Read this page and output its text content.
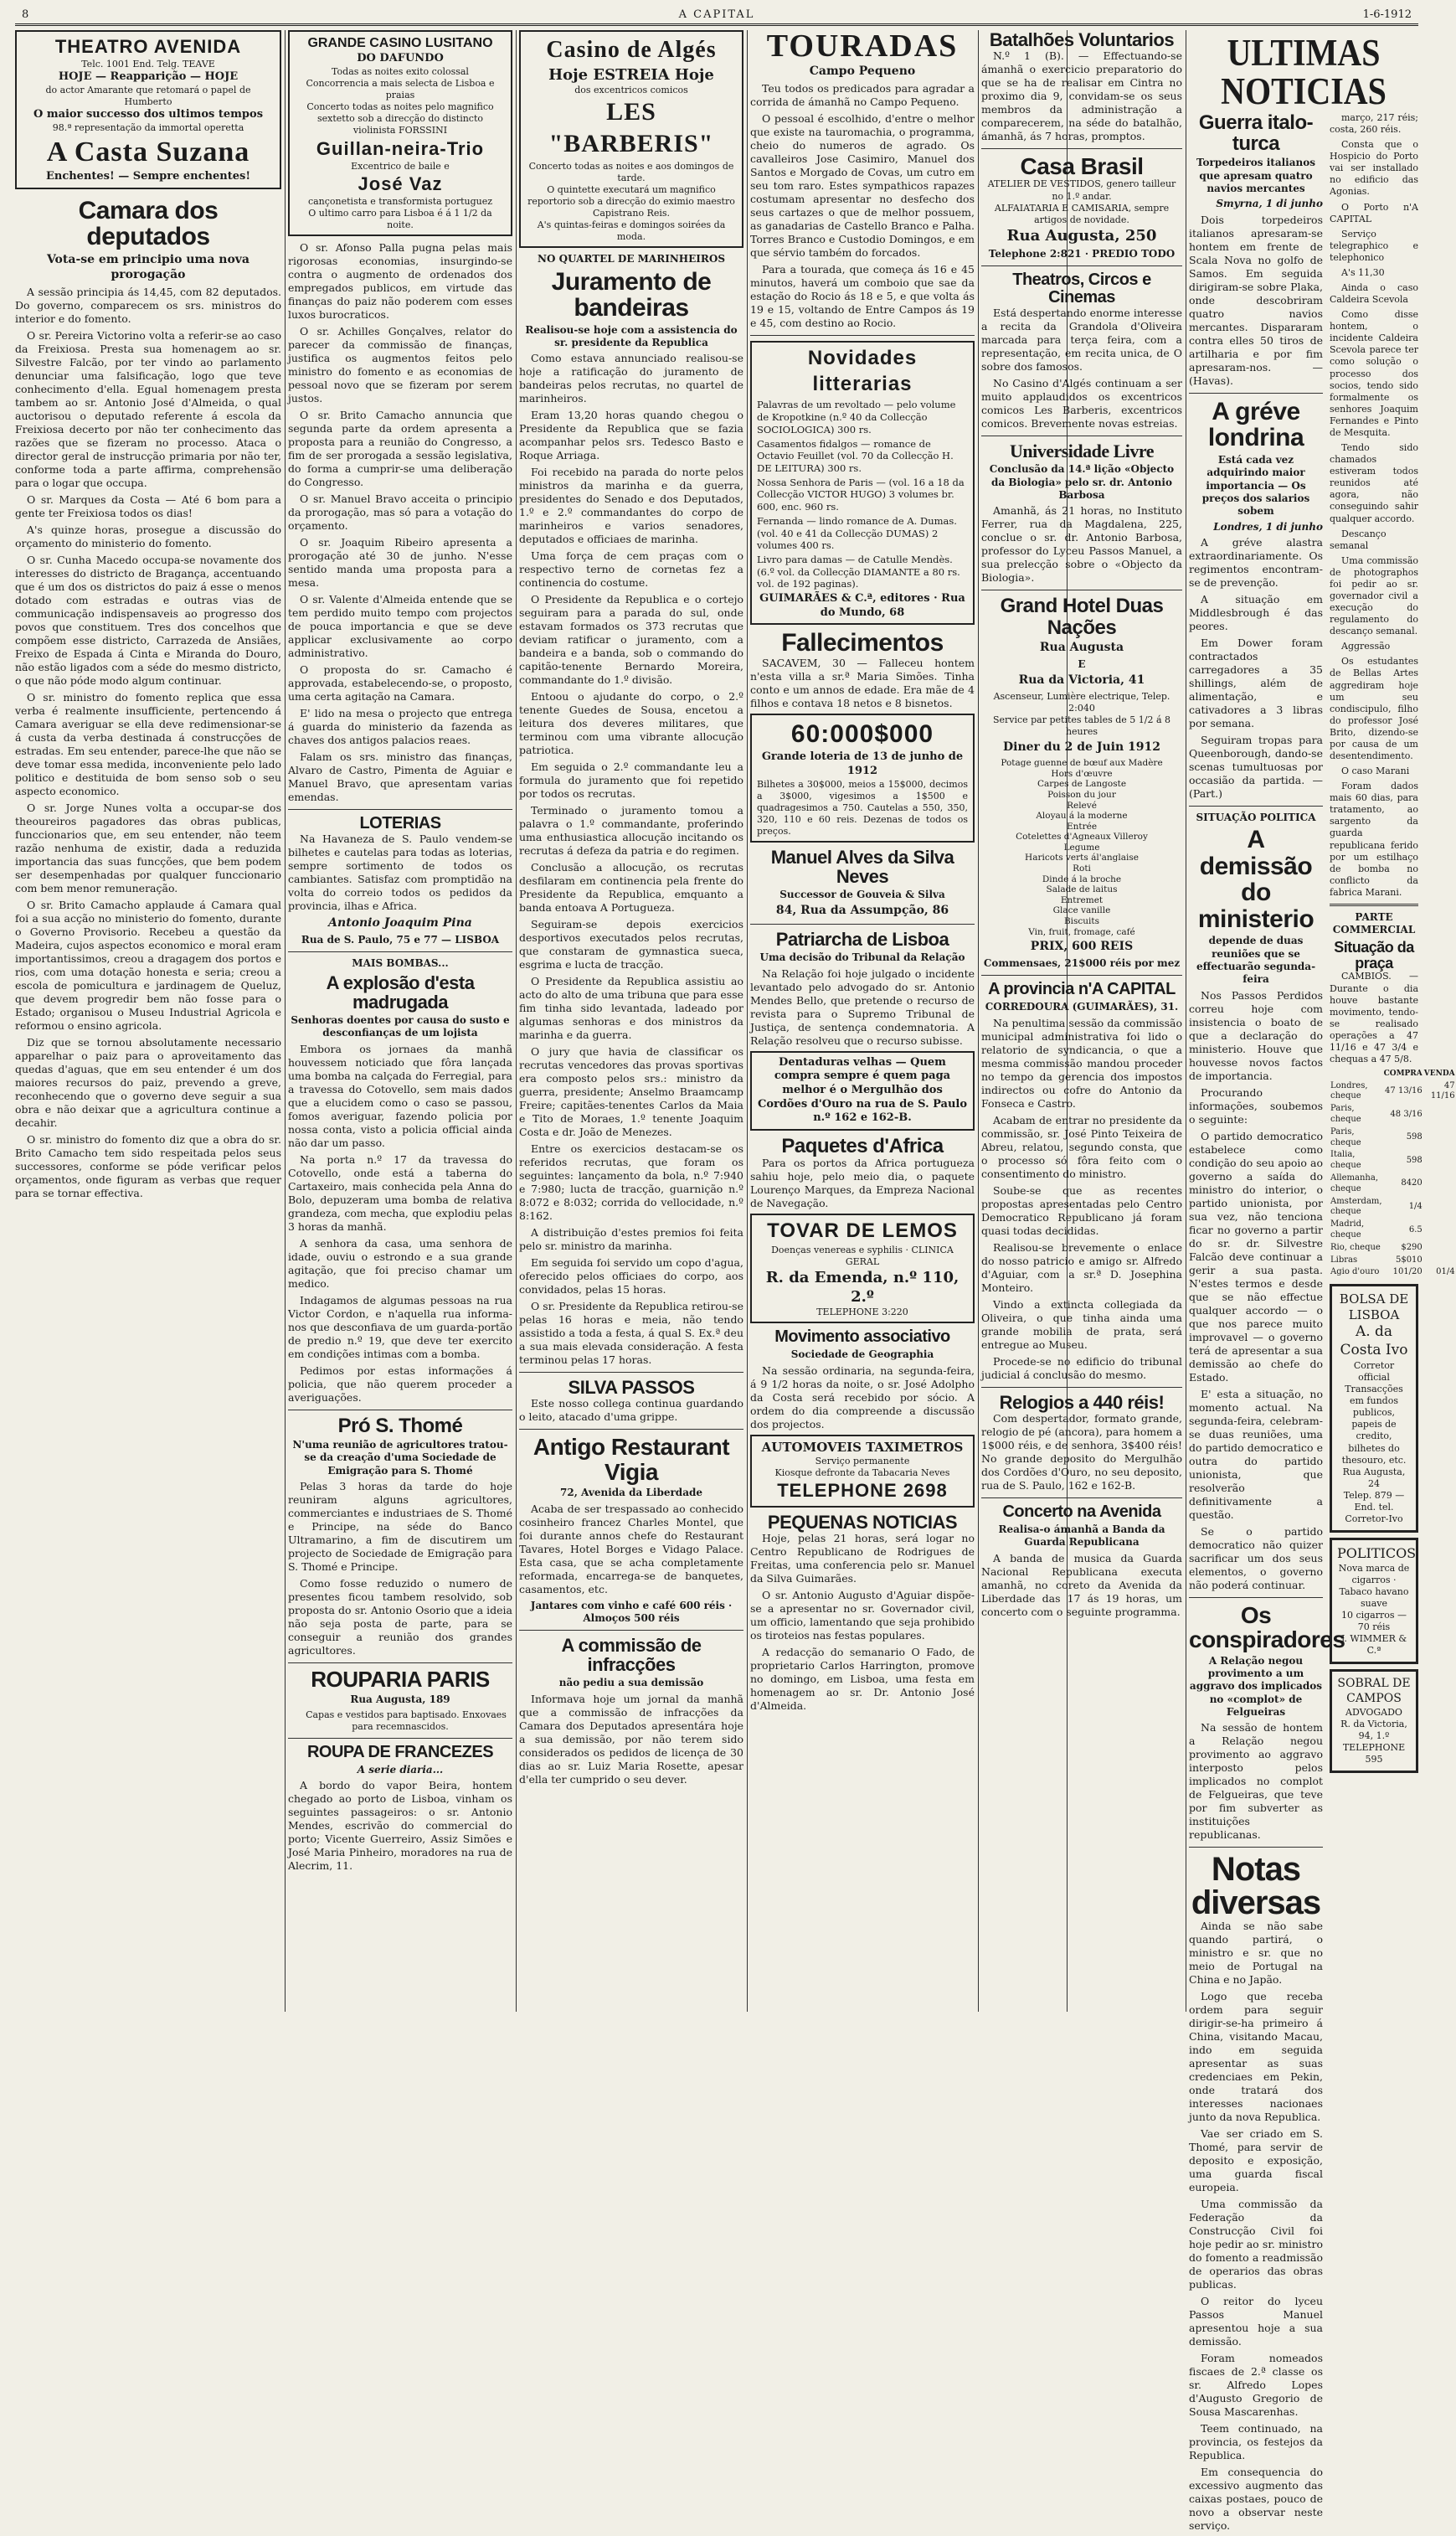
8	A CAPITAL	1-6-1912
THEATRO AVENIDA
Telc. 1001 End. Telg. TEAVE
HOJE — Reapparição — HOJE
do actor Amarante que retomará o papel de Humberto
O maior successo dos ultimos tempos
98.ª representação da immortal operetta
A Casta Suzana
Enchentes! — Sempre enchentes!
Camara dos deputados
Vota-se em principio uma nova prorogação

A sessão principia ás 14,45, com 82 deputados. Do governo, comparecem os srs. ministros do interior e do fomento.

O sr. Pereira Victorino volta a referir-se ao caso da Freixiosa. Presta sua homenagem ao sr. Silvestre Falcão, por ter vindo ao parlamento denunciar uma falsificação, logo que teve conhecimento d'ella. Egual homenagem presta tambem ao sr. Antonio José d'Almeida, o qual auctorisou o deputado referente á escola da Freixiosa decerto por não ter conhecimento das razões que se fizeram no processo. Ataca o director geral de instrucção primaria por não ter, conforme toda a parte affirma, comprehensão para o logar que occupa.

O sr. Marques da Costa — Até 6 bom para a gente ter Freixiosa todos os dias!

A's quinze horas, prosegue a discussão do orçamento do ministerio do fomento.

O sr. Cunha Macedo occupa-se novamente dos interesses do districto de Bragança, accentuando que é um dos os districtos do paiz á esse o menos dotado com estradas e outras vias de communicação indispensaveis ao progresso dos povos que constituem. Tres dos concelhos que compõem esse districto, Carrazeda de Ansiães, Freixo de Espada á Cinta e Miranda do Douro, não estão ligados com a séde do mesmo districto, o que não póde modo algum continuar.

O sr. ministro do fomento replica que essa verba é realmente insufficiente, pertencendo á Camara averiguar se ella deve redimensionar-se á custa da verba destinada á construcções de estradas. Em seu entender, parece-lhe que não se deve tomar essa medida, inconveniente pelo lado politico e destituida de bom senso sob o seu aspecto economico.

O sr. Jorge Nunes volta a occupar-se dos theoureiros pagadores das obras publicas, funccionarios que, em seu entender, não teem razão nenhuma de existir, dada a reduzida importancia das suas funcções, que bem podem ser desempenhadas por qualquer funccionario com bem menor remuneração.

O sr. Brito Camacho applaude á Camara qual foi a sua acção no ministerio do fomento, durante o Governo Provisorio. Recebeu a questão da Madeira, cujos aspectos economico e moral eram importantissimos, creou a dragagem dos portos e rios, com uma dotação honesta e seria; creou a escola de pomicultura e jardinagem de Queluz, que devem progredir bem não fosse para o Estado; organisou o Museu Industrial Agricola e reformou o ensino agricola.

Diz que se tornou absolutamente necessario apparelhar o paiz para o aproveitamento das quedas d'aguas, que em seu entender é um dos maiores recursos do paiz, prevendo a greve, reconhecendo que o governo deve seguir a sua obra e não deixar que a agricultura continue a decahir.

O sr. ministro do fomento diz que a obra do sr. Brito Camacho tem sido respeitada pelos seus successores, conforme se póde verificar pelos orçamentos, onde figuram as verbas que requer para se tornar effectiva.

GRANDE CASINO LUSITANO
DO DAFUNDO
Todas as noites exito colossal
Concorrencia a mais selecta de Lisboa e praias
Concerto todas as noites pelo magnifico sextetto sob a direcção do distincto violinista FORSSINI
Guillan-neira-Trio
Excentrico de baile e
José Vaz
cançonetista e transformista portuguez
O ultimo carro para Lisboa é á 1 1/2 da noite.

O sr. Afonso Palla pugna pelas mais rigorosas economias, insurgindo-se contra o augmento de ordenados dos empregados publicos, em virtude das finanças do paiz não poderem com esses luxos burocraticos.

O sr. Achilles Gonçalves, relator do parecer da commissão de finanças, justifica os augmentos feitos pelo ministro do fomento e as economias de pessoal novo que se fizeram por serem justos.

O sr. Brito Camacho annuncia que segunda parte da ordem apresenta a proposta para a reunião do Congresso, a fim de ser prorogada a sessão legislativa, do forma a cumprir-se uma deliberação do Congresso.

O sr. Manuel Bravo acceita o principio da prorogação, mas só para a votação do orçamento.

O sr. Joaquim Ribeiro apresenta a prorogação até 30 de junho. N'esse sentido manda uma proposta para a mesa.

O sr. Valente d'Almeida entende que se tem perdido muito tempo com projectos de pouca importancia e que se deve applicar exclusivamente ao corpo administrativo.

O proposta do sr. Camacho é approvada, estabelecendo-se, o proposto, uma certa agitação na Camara.

E' lido na mesa o projecto que entrega á guarda do ministerio da fazenda as chaves dos antigos palacios reaes.

Falam os srs. ministro das finanças, Alvaro de Castro, Pimenta de Aguiar e Manuel Bravo, que apresentam varias emendas.

LOTERIAS

Na Havaneza de S. Paulo vendem-se bilhetes e cautelas para todas as loterias, sempre sortimento de todos os cambiantes. Satisfaz com promptidão na volta do correio todos os pedidos da provincia, ilhas e Africa.

Antonio Joaquim Pina
Rua de S. Paulo, 75 e 77 — LISBOA
MAIS BOMBAS...
A explosão d'esta madrugada
Senhoras doentes por causa do susto e desconfianças de um lojista

Embora os jornaes da manhã houvessem noticiado que fôra lançada uma bomba na calçada do Ferregial, para a travessa do Cotovello, sem mais dados que a elucidem como o caso se passou, fomos averiguar, fazendo policia por nossa conta, visto a policia official ainda não dar um passo.

Na porta n.º 17 da travessa do Cotovello, onde está a taberna do Cartaxeiro, mais conhecida pela Anna do Bolo, depuzeram uma bomba de relativa grandeza, com mecha, que explodiu pelas 3 horas da manhã.

A senhora da casa, uma senhora de idade, ouviu o estrondo e a sua grande agitação, que foi preciso chamar um medico.

Indagamos de algumas pessoas na rua Victor Cordon, e n'aquella rua informa-nos que desconfiava de um guarda-portão de predio n.º 19, que deve ter exercito em condições intimas com a bomba.

Pedimos por estas informações á policia, que não querem proceder a averiguações.

Pró S. Thomé
N'uma reunião de agricultores tratou-se da creação d'uma Sociedade de Emigração para S. Thomé

Pelas 3 horas da tarde do hoje reuniram alguns agricultores, commerciantes e industriaes de S. Thomé e Principe, na séde do Banco Ultramarino, a fim de discutirem um projecto de Sociedade de Emigração para S. Thomé e Principe.

Como fosse reduzido o numero de presentes ficou tambem resolvido, sob proposta do sr. Antonio Osorio que a ideia não seja posta de parte, para se conseguir a reunião dos grandes agricultores.

ROUPARIA PARIS
Rua Augusta, 189

Capas e vestidos para baptisado. Enxovaes para recemnascidos.

ROUPA DE FRANCEZES
A serie diaria...

A bordo do vapor Beira, hontem chegado ao porto de Lisboa, vinham os seguintes passageiros: o sr. Antonio Mendes, escrivão do commercial do porto; Vicente Guerreiro, Assiz Simões e José Maria Pinheiro, moradores na rua de Alecrim, 11.

Casino de Algés
Hoje ESTREIA Hoje
dos excentricos comicos
LES "BARBERIS"
Concerto todas as noites e aos domingos de tarde.
O quintette executará um magnifico reportorio sob a direcção do eximio maestro Capistrano Reis.
A's quintas-feiras e domingos soirées da moda.
NO QUARTEL DE MARINHEIROS
Juramento de bandeiras
Realisou-se hoje com a assistencia do sr. presidente da Republica

Como estava annunciado realisou-se hoje a ratificação do juramento de bandeiras pelos recrutas, no quartel de marinheiros.

Eram 13,20 horas quando chegou o Presidente da Republica que se fazia acompanhar pelos srs. Tedesco Basto e Roque Arriaga.

Foi recebido na parada do norte pelos ministros da marinha e da guerra, presidentes do Senado e dos Deputados, 1.º e 2.º commandantes do corpo de marinheiros e varios senadores, deputados e officiaes de marinha.

Uma força de cem praças com o respectivo terno de cornetas fez a continencia do costume.

O Presidente da Republica e o cortejo seguiram para a parada do sul, onde estavam formados os 373 recrutas que deviam ratificar o juramento, com a bandeira e a banda, sob o commando do capitão-tenente Bernardo Moreira, commandante do 1.º divisão.

Entoou o ajudante do corpo, o 2.º tenente Guedes de Sousa, encetou a leitura dos deveres militares, que terminou com uma vibrante allocução patriotica.

Em seguida o 2.º commandante leu a formula do juramento que foi repetido por todos os recrutas.

Terminado o juramento tomou a palavra o 1.º commandante, proferindo uma enthusiastica allocução incitando os recrutas á defeza da patria e do regimen.

Conclusão a allocução, os recrutas desfilaram em continencia pela frente do Presidente da Republica, emquanto a banda entoava A Portugueza.

Seguiram-se depois exercicios desportivos executados pelos recrutas, que constaram de gymnastica sueca, esgrima e lucta de tracção.

O Presidente da Republica assistiu ao acto do alto de uma tribuna que para esse fim tinha sido levantada, ladeado por algumas senhoras e dos ministros da marinha e da guerra.

O jury que havia de classificar os recrutas vencedores das provas sportivas era composto pelos srs.: ministro da guerra, presidente; Anselmo Braamcamp Freire; capitães-tenentes Carlos da Maia e Tito de Moraes, 1.º tenente Joaquim Costa e dr. João de Menezes.

Entre os exercicios destacam-se os referidos recrutas, que foram os seguintes: lançamento da bola, n.º 7:940 e 7:980; lucta de tracção, guarnição n.º 8:072 e 8:032; corrida do vellocidade, n.º 8:162.

A distribuição d'estes premios foi feita pelo sr. ministro da marinha.

Em seguida foi servido um copo d'agua, oferecido pelos officiaes do corpo, aos convidados, pelas 15 horas.

O sr. Presidente da Republica retirou-se pelas 16 horas e meia, não tendo assistido a toda a festa, á qual S. Ex.ª deu a sua mais elevada consideração. A festa terminou pelas 17 horas.

SILVA PASSOS

Este nosso collega continua guardando o leito, atacado d'uma grippe.

Antigo Restaurant Vigia
72, Avenida da Liberdade

Acaba de ser trespassado ao conhecido cosinheiro francez Charles Montel, que foi durante annos chefe do Restaurant Tavares, Hotel Borges e Vidago Palace. Esta casa, que se acha completamente reformada, encarrega-se de banquetes, casamentos, etc.

Jantares com vinho e café 600 réis · Almoços 500 réis
A commissão de infracções
não pediu a sua demissão

Informava hoje um jornal da manhã que a commissão de infracções da Camara dos Deputados apresentára hoje a sua demissão, por não terem sido considerados os pedidos de licença de 30 dias ao sr. Luiz Maria Rosette, apesar d'ella ter cumprido o seu dever.

TOURADAS
Campo Pequeno

Teu todos os predicados para agradar a corrida de ámanhã no Campo Pequeno.

O pessoal é escolhido, d'entre o melhor que existe na tauromachia, o programma, cheio do numeros de agrado. Os cavalleiros Jose Casimiro, Manuel dos Santos e Morgado de Covas, um cutro em seu tom raro. Estes sympathicos rapazes costumam apresentar no desfecho dos seus cartazes o que de melhor possuem, as ganadarias de Castello Branco e Palha. Torres Branco e Custodio Domingos, e em que sérvio também do forcados.

Para a tourada, que começa ás 16 e 45 minutos, haverá um comboio que sae da estação do Rocio ás 18 e 5, e que volta ás 19 e 15, voltando de Entre Campos ás 19 e 45, com destino ao Rocio.

Novidades litterarias
Palavras de um revoltado — pelo volume de Kropotkine (n.º 40 da Collecção SOCIOLOGICA) 300 rs.
Casamentos fidalgos — romance de Octavio Feuillet (vol. 70 da Collecção H. DE LEITURA) 300 rs.
Nossa Senhora de Paris — (vol. 16 a 18 da Collecção VICTOR HUGO) 3 volumes br. 600, enc. 960 rs.
Fernanda — lindo romance de A. Dumas. (vol. 40 e 41 da Collecção DUMAS) 2 volumes 400 rs.
Livro para damas — de Catulle Mendès. (6.º vol. da Collecção DIAMANTE a 80 rs. vol. de 192 paginas).
GUIMARÃES & C.ª, editores · Rua do Mundo, 68
Fallecimentos

SACAVEM, 30 — Falleceu hontem n'esta villa a sr.ª Maria Simões. Tinha conto e um annos de edade. Era mãe de 4 filhos e contava 18 netos e 8 bisnetos.

60:000$000
Grande loteria de 13 de junho de 1912
Bilhetes a 30$000, meios a 15$000, decimos a 3$000, vigesimos a 1$500 e quadragesimos a 750. Cautelas a 550, 350, 320, 110 e 60 reis. Dezenas de todos os preços.
Manuel Alves da Silva Neves
Successor de Gouveia & Silva
84, Rua da Assumpção, 86
Patriarcha de Lisboa
Uma decisão do Tribunal da Relação

Na Relação foi hoje julgado o incidente levantado pelo advogado do sr. Antonio Mendes Bello, que pretende o recurso de revista para o Supremo Tribunal de Justiça, de sentença condemnatoria. A Relação resolveu que o recurso subisse.

Dentaduras velhas — Quem compra sempre é quem paga melhor é o Mergulhão dos Cordões d'Ouro na rua de S. Paulo n.º 162 e 162-B.
Paquetes d'Africa

Para os portos da Africa portugueza sahiu hoje, pelo meio dia, o paquete Lourenço Marques, da Empreza Nacional de Navegação.

TOVAR DE LEMOS
Doenças venereas e syphilis · CLINICA GERAL
R. da Emenda, n.º 110, 2.º
TELEPHONE 3:220
Movimento associativo
Sociedade de Geographia

Na sessão ordinaria, na segunda-feira, á 9 1/2 horas da noite, o sr. José Adolpho da Costa será recebido por sócio. A ordem do dia compreende a discussão dos projectos.

AUTOMOVEIS TAXIMETROS
Serviço permanente
Kiosque defronte da Tabacaria Neves
TELEPHONE 2698
PEQUENAS NOTICIAS

Hoje, pelas 21 horas, será logar no Centro Republicano de Rodrigues de Freitas, uma conferencia pelo sr. Manuel da Silva Guimarães.

O sr. Antonio Augusto d'Aguiar dispõe-se a apresentar no sr. Governador civil, um officio, lamentando que seja prohibido os tiroteios nas festas populares.

A redacção do semanario O Fado, de proprietario Carlos Harrington, promove no domingo, em Lisboa, uma festa em homenagem ao sr. Dr. Antonio José d'Almeida.

ULTIMAS NOTICIAS
Guerra italo-turca
Torpedeiros italianos que apresam quatro navios mercantes
Smyrna, 1 di junho

Dois torpedeiros italianos apresaram-se hontem em frente de Scala Nova no golfo de Samos. Em seguida dirigiram-se sobre Plaka, onde descobriram quatro navios mercantes. Dispararam contra elles 50 tiros de artilharia e por fim apresaram-nos. — (Havas).

A gréve londrina
Está cada vez adquirindo maior importancia — Os preços dos salarios sobem
Londres, 1 di junho

A gréve alastra extraordinariamente. Os regimentos encontram-se de prevenção.

A situação em Middlesbrough é das peores.

Em Dower foram contractados carregadores a 35 shillings, além de alimentação, e cativadores a 3 libras por semana.

Seguiram tropas para Queenborough, dando-se scenas tumultuosas por occasião da partida. — (Part.)

SITUAÇÃO POLITICA
A demissão do ministerio
depende de duas reuniões que se effectuarão segunda-feira

Nos Passos Perdidos correu hoje com insistencia o boato de que a declaração do ministerio. Houve que houvesse novos factos de importancia.

Procurando informações, soubemos o seguinte:

O partido democratico estabelece como condição do seu apoio ao governo a saída do ministro do interior, o partido unionista, por sua vez, não tenciona ficar no governo a partir do sr. dr. Silvestre Falcão deve continuar a gerir a sua pasta. N'estes termos e desde que se não effectue qualquer accordo — o que nos parece muito improvavel — o governo terá de apresentar a sua demissão ao chefe do Estado.

E' esta a situação, no momento actual. Na segunda-feira, celebram-se duas reuniões, uma do partido democratico e outra do partido unionista, que resolverão definitivamente a questão.

Se o partido democratico não quizer sacrificar um dos seus elementos, o governo não poderá continuar.

Os conspiradores
A Relação negou provimento a um aggravo dos implicados no «complot» de Felgueiras

Na sessão de hontem a Relação negou provimento ao aggravo interposto pelos implicados no complot de Felgueiras, que teve por fim subverter as instituições republicanas.

Notas diversas

Ainda se não sabe quando partirá, o ministro e sr. que no meio de Portugal na China e no Japão.

Logo que receba ordem para seguir dirigir-se-ha primeiro á China, visitando Macau, indo em seguida apresentar as suas credenciaes em Pekin, onde tratará dos interesses nacionaes junto da nova Republica.

Vae ser criado em S. Thomé, para servir de deposito e exposição, uma guarda fiscal europeia.

Uma commissão da Federação da Construcção Civil foi hoje pedir ao sr. ministro do fomento a readmissão de operarios das obras publicas.

O reitor do lyceu Passos Manuel apresentou hoje a sua demissão.

Foram nomeados fiscaes de 2.ª classe os sr. Alfredo Lopes d'Augusto Gregorio de Sousa Mascarenhas.

Teem continuado, na provincia, os festejos da Republica.

Em consequencia do excessivo augmento das caixas postaes, pouco de novo a observar neste serviço.

março, 217 réis; costa, 260 réis.

Consta que o Hospicio do Porto vai ser installado no edificio das Agonias.

O Porto n'A CAPITAL

Serviço telegraphico e telephonico

A's 11,30

Ainda o caso Caldeira Scevola

Como disse hontem, o incidente Caldeira Scevola parece ter como solução o processo dos socios, tendo sido formalmente os senhores Joaquim Fernandes e Pinto de Mesquita.

Tendo sido chamados estiveram todos reunidos até agora, não conseguindo sahir qualquer accordo.

Descanço semanal

Uma commissão de photographos foi pedir ao sr. governador civil a execução do regulamento do descanço semanal.

Aggressão

Os estudantes de Bellas Artes aggrediram hoje um seu condiscipulo, filho do professor José Brito, dizendo-se por causa de um desentendimento.

O caso Marani

Foram dados mais 60 dias, para tratamento, ao sargento da guarda republicana ferido por um estilhaço de bomba no conflicto da fabrica Marani.

PARTE COMMERCIAL
Situação da praça

CAMBIOS. — Durante o dia houve bastante movimento, tendo-se realisado operações a 47 11/16 e 47 3/4 e chequas a 47 5/8.

	COMPRA	VENDA
Londres, cheque	47 13/16	47 11/16
Paris, cheque	48 3/16	
Paris, cheque	598	
Italia, cheque	598	
Allemanha, cheque	8420	
Amsterdam, cheque	1/4	
Madrid, cheque	6.5	
Rio, cheque	$290	
Libras	5$010	
Agio d'ouro	101/20	01/4
BOLSA DE LISBOA
A. da Costa Ivo
Corretor official
Transacções em fundos publicos, papeis de credito, bilhetes do thesouro, etc.
Rua Augusta, 24
Telep. 879 — End. tel. Corretor-Ivo
POLITICOS
Nova marca de cigarros · Tabaco havano suave
10 cigarros — 70 réis
J. WIMMER & C.ª
SOBRAL DE CAMPOS
ADVOGADO
R. da Victoria, 94, 1.º
TELEPHONE 595
Batalhões Voluntarios

N.º 1 (B). — Effectuando-se ámanhã o exercicio preparatorio do que se ha de realisar em Cintra no proximo dia 9, convidam-se os seus membros da administração a comparecerem, na séde do batalhão, ámanhã, ás 7 horas, promptos.

Casa Brasil
ATELIER DE VESTIDOS, genero tailleur no 1.º andar.
ALFAIATARIA E CAMISARIA, sempre artigos de novidade.
Rua Augusta, 250
Telephone 2:821 · PREDIO TODO
Theatros, Circos e Cinemas

Está despertando enorme interesse a recita da Grandola d'Oliveira marcada para terça feira, com a representação, em recita unica, de O sobre dos famosos.

No Casino d'Algés continuam a ser muito applaudidos os excentricos comicos Les Barberis, excentricos comicos. Brevemente novas estreias.

Universidade Livre
Conclusão da 14.ª lição «Objecto da Biologia» pelo sr. dr. Antonio Barbosa

Amanhã, ás 21 horas, no Instituto Ferrer, rua da Magdalena, 225, conclue o sr. dr. Antonio Barbosa, professor do Lyceu Passos Manuel, a sua prelecção sobre o «Objecto da Biologia».

Grand Hotel Duas Nações
Rua Augusta
E
Rua da Victoria, 41
Ascenseur, Lumière electrique, Telep. 2:040
Service par petites tables de 5 1/2 á 8 heures
Diner du 2 de Juin 1912
Potage guenne de bœuf aux Madère
Hors d'œuvre
Carpes de Langoste
Poisson du jour
Relevé
Aloyau á la moderne
Entrée
Cotelettes d'Agneaux Villeroy
Legume
Haricots verts ál'anglaise
Roti
Dinde á la broche
Salade de laitus
Entremet
Glace vanille
Biscuits
Vin, fruit, fromage, café
PRIX, 600 REIS
Commensaes, 21$000 réis por mez
A provincia n'A CAPITAL
CORREDOURA (GUIMARÃES), 31.

Na penultima sessão da commissão municipal administrativa foi lido o relatorio de syndicancia, o que a mesma commissão mandou proceder no tempo da gerencia dos impostos indirectos ou cofre do Antonio da Fonseca e Castro.

Acabam de entrar no presidente da commissão, sr. José Pinto Teixeira de Abreu, relatou, segundo consta, que o processo só fôra feito com o consentimento do ministro.

Soube-se que as recentes propostas apresentadas pelo Centro Democratico Republicano já foram quasi todas decididas.

Realisou-se brevemente o enlace do nosso patricio e amigo sr. Alfredo d'Aguiar, com a sr.ª D. Josephina Monteiro.

Vindo a extincta collegiada da Oliveira, o que tinha ainda uma grande mobilia de prata, será entregue ao Museu.

Procede-se no edificio do tribunal judicial á conclusão do mesmo.

Relogios a 440 réis!

Com despertador, formato grande, relogio de pé (ancora), para homem a 1$000 réis, e de senhora, 3$400 réis! No grande deposito do Mergulhão dos Cordões d'Ouro, no seu deposito, rua de S. Paulo, 162 e 162-B.

Concerto na Avenida
Realisa-o ámanhã a Banda da Guarda Republicana

A banda de musica da Guarda Nacional Republicana executa amanhã, no coreto da Avenida da Liberdade das 17 ás 19 horas, um concerto com o seguinte programma.
